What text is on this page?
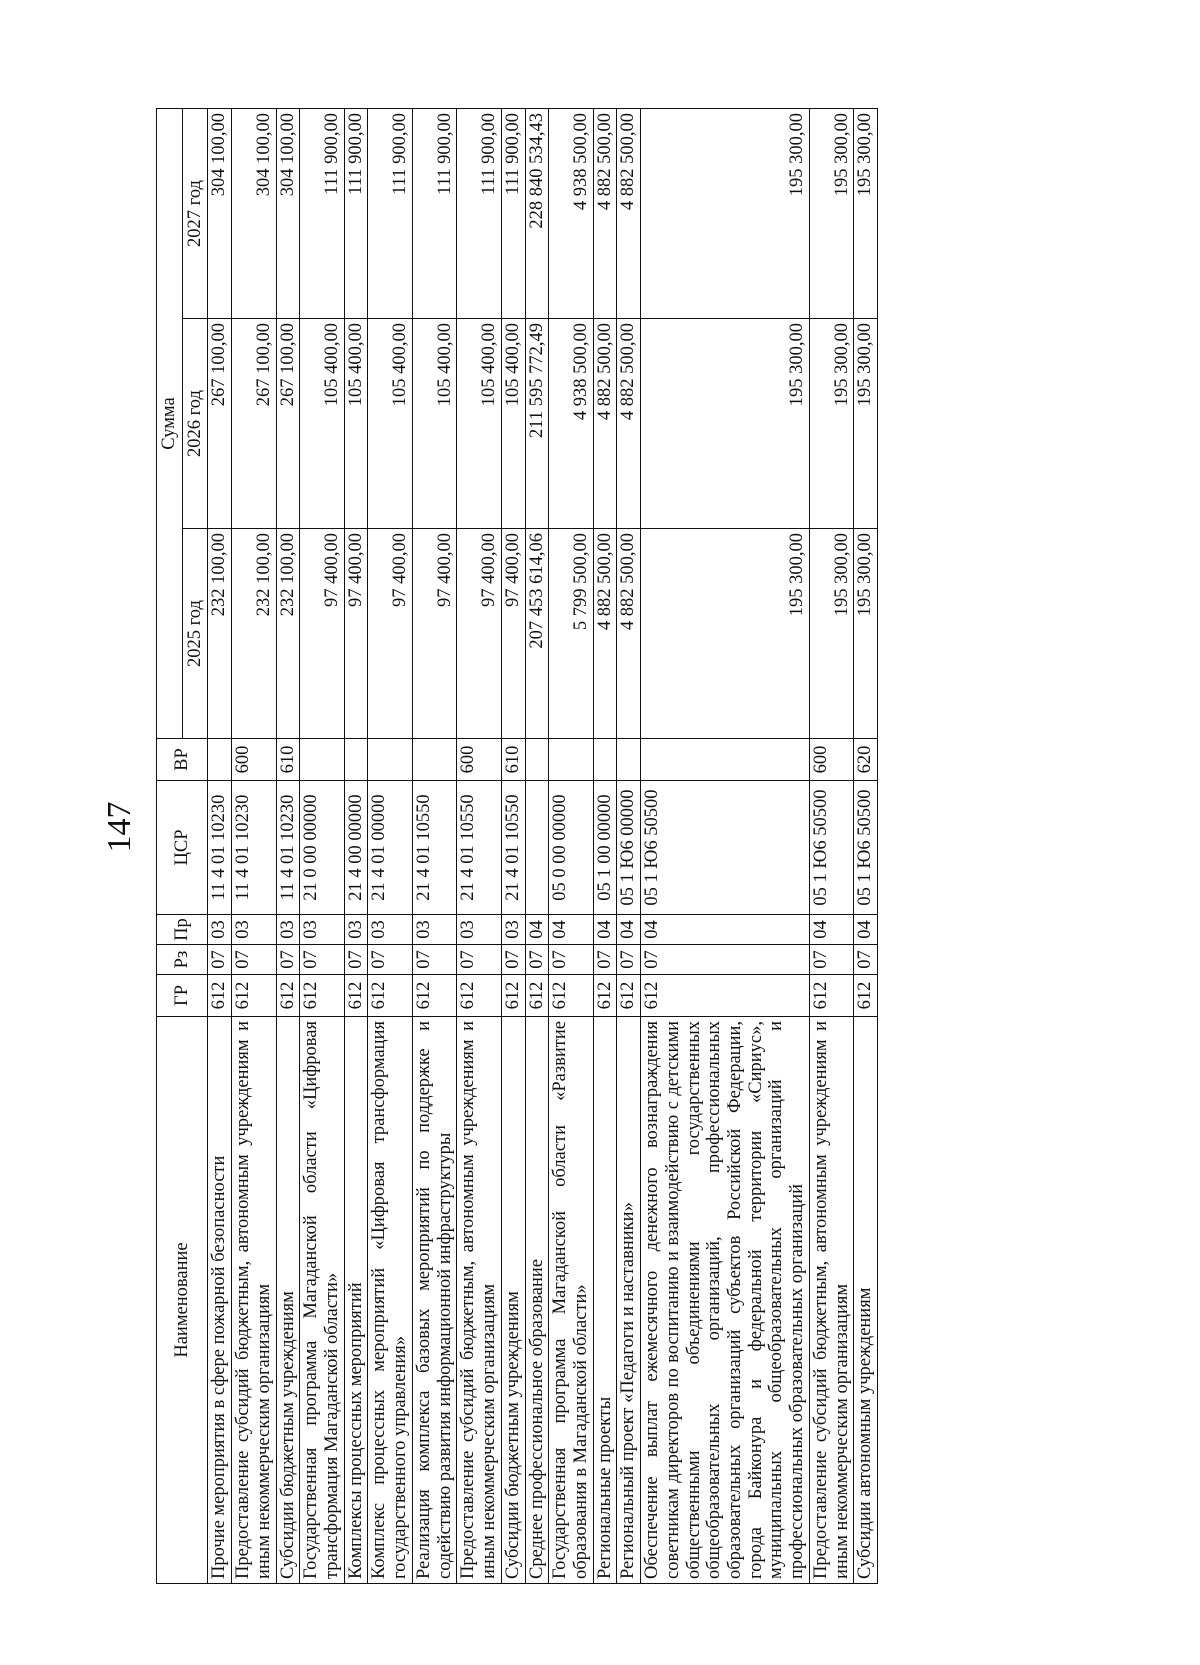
147
Наименование	ГР	Рз	Пр	ЦСР	ВР	Сумма		
						2025 год	2026 год	2027 год
Прочие мероприятия в сфере пожарной безопасности	612	07	03	11 4 01 10230		232 100,00	267 100,00	304 100,00
Предоставление субсидий бюджетным, автономным учреждениям и иным некоммерческим организациям	612	07	03	11 4 01 10230	600	232 100,00	267 100,00	304 100,00
Субсидии бюджетным учреждениям	612	07	03	11 4 01 10230	610	232 100,00	267 100,00	304 100,00
Государственная программа Магаданской области «Цифровая трансформация Магаданской области»	612	07	03	21 0 00 00000		97 400,00	105 400,00	111 900,00
Комплексы процессных мероприятий	612	07	03	21 4 00 00000		97 400,00	105 400,00	111 900,00
Комплекс процессных мероприятий «Цифровая трансформация государственного управления»	612	07	03	21 4 01 00000		97 400,00	105 400,00	111 900,00
Реализация комплекса базовых мероприятий по поддержке и содействию развития информационной инфраструктуры	612	07	03	21 4 01 10550		97 400,00	105 400,00	111 900,00
Предоставление субсидий бюджетным, автономным учреждениям и иным некоммерческим организациям	612	07	03	21 4 01 10550	600	97 400,00	105 400,00	111 900,00
Субсидии бюджетным учреждениям	612	07	03	21 4 01 10550	610	97 400,00	105 400,00	111 900,00
Среднее профессиональное образование	612	07	04			207 453 614,06	211 595 772,49	228 840 534,43
Государственная программа Магаданской области «Развитие образования в Магаданской области»	612	07	04	05 0 00 00000		5 799 500,00	4 938 500,00	4 938 500,00
Региональные проекты	612	07	04	05 1 00 00000		4 882 500,00	4 882 500,00	4 882 500,00
Региональный проект «Педагоги и наставники»	612	07	04	05 1 Ю6 00000		4 882 500,00	4 882 500,00	4 882 500,00
Обеспечение выплат ежемесячного денежного вознаграждения советникам директоров по воспитанию и взаимодействию с детскими общественными объединениями государственных общеобразовательных организаций, профессиональных образовательных организаций субъектов Российской Федерации, города Байконура и федеральной территории «Сириус», муниципальных общеобразовательных организаций и профессиональных образовательных организаций	612	07	04	05 1 Ю6 50500		195 300,00	195 300,00	195 300,00
Предоставление субсидий бюджетным, автономным учреждениям и иным некоммерческим организациям	612	07	04	05 1 Ю6 50500	600	195 300,00	195 300,00	195 300,00
Субсидии автономным учреждениям	612	07	04	05 1 Ю6 50500	620	195 300,00	195 300,00	195 300,00
